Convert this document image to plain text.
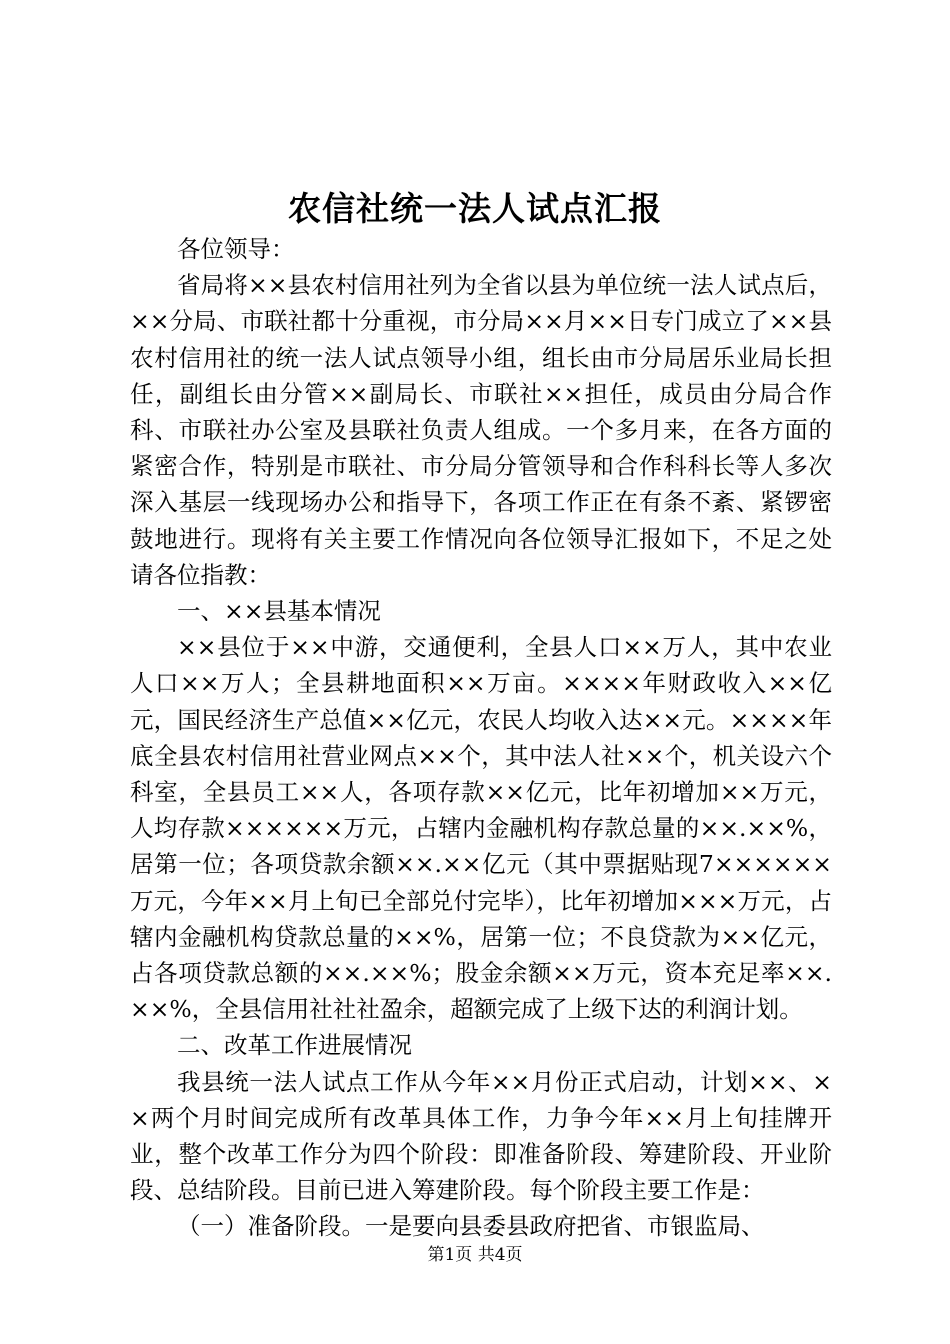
农信社统一法人试点汇报

各位领导：

省局将××县农村信用社列为全省以县为单位统一法人试点后，××分局、市联社都十分重视，市分局××月××日专门成立了××县农村信用社的统一法人试点领导小组，组长由市分局居乐业局长担任，副组长由分管××副局长、市联社××担任，成员由分局合作科、市联社办公室及县联社负责人组成。一个多月来，在各方面的紧密合作，特别是市联社、市分局分管领导和合作科科长等人多次深入基层一线现场办公和指导下，各项工作正在有条不紊、紧锣密鼓地进行。现将有关主要工作情况向各位领导汇报如下，不足之处请各位指教：

一、××县基本情况

××县位于××中游，交通便利，全县人口××万人，其中农业人口××万人；全县耕地面积××万亩。××××年财政收入××亿元，国民经济生产总值××亿元，农民人均收入达××元。××××年底全县农村信用社营业网点××个，其中法人社××个，机关设六个科室，全县员工××人，各项存款××亿元，比年初增加××万元，人均存款××××××万元，占辖内金融机构存款总量的××.××%，居第一位；各项贷款余额××.××亿元（其中票据贴现7××××××万元，今年××月上旬已全部兑付完毕），比年初增加×××万元，占辖内金融机构贷款总量的××%，居第一位；不良贷款为××亿元，占各项贷款总额的××.××%；股金余额××万元，资本充足率××.××%，全县信用社社社盈余，超额完成了上级下达的利润计划。

二、改革工作进展情况

我县统一法人试点工作从今年××月份正式启动，计划××、××两个月时间完成所有改革具体工作，力争今年××月上旬挂牌开业，整个改革工作分为四个阶段：即准备阶段、筹建阶段、开业阶段、总结阶段。目前已进入筹建阶段。每个阶段主要工作是：

（一）准备阶段。一是要向县委县政府把省、市银监局、

第1页 共4页
